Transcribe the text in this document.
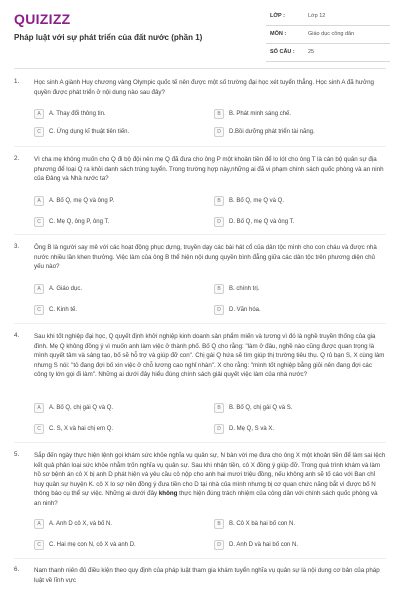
QUIZIZZ
Pháp luật với sự phát triển của đất nước (phần 1)
LỚP :	Lớp 12
MÔN :	Giáo dục công dân
SỐ CÂU : 25
1. Học sinh A giành Huy chương vàng Olympic quốc tế nên được một số trường đại học xét tuyển thẳng. Học sinh A đã hưởng quyền được phát triển ở nội dung nào sau đây?
A	A. Thay đổi thông tin.	B	B. Phát minh sáng chế.
C	C. Ứng dụng kĩ thuật tiên tiến.	D	D.Bồi dưỡng phát triển tài năng.
2. Vì cha mẹ không muốn cho Q đi bộ đội nên mẹ Q đã đưa cho ông P một khoản tiền để lo lót cho ông T là cán bộ quân sự địa phương để loại Q ra khỏi danh sách trúng tuyển. Trong trường hợp này,những ai đã vi phạm chính sách quốc phòng và an ninh của Đảng và Nhà nước ta?
A	A. Bố Q, mẹ Q và ông P.	B	B. Bố Q, mẹ Q và Q.
C	C. Mẹ Q, ông P, ông T.	D	D. Bố Q, mẹ Q và ông T.
3. Ông B là người say mê với các hoạt động phục dựng, truyền dạy các bài hát cổ của dân tộc mình cho con cháu và được nhà nước nhiều lần khen thưởng. Việc làm của ông B thể hiện nội dung quyền bình đẳng giữa các dân tộc trên phương diện chủ yếu nào?
A	A. Giáo dục.	B	B. chính trị.
C	C. Kinh tế.	D	D. Văn hóa.
4. Sau khi tốt nghiệp đại học, Q quyết định khởi nghiệp kinh doanh sản phẩm miến và tương vì đó là nghề truyền thống của gia đình. Mẹ Q không đồng ý vì muốn anh làm việc ở thành phố. Bố Q cho rằng: "làm ở đâu, nghề nào cũng được quan trọng là mình quyết tâm và sáng tạo, bố sẽ hỗ trợ và giúp đỡ con". Chị gái Q hứa sẽ tìm giúp thị trường tiêu thụ. Q rủ bạn S, X cùng làm nhưng S nói: "tỏ đang đợi bố xin việc ở chỗ lương cao nghỉ nhàn". X cho rằng: "mình tốt nghiệp bằng giỏi nên đang đợi các công ty lớn gọi đi làm". Những ai dưới đây hiểu đúng chính sách giải quyết việc làm của nhà nước?
A	A. Bố Q, chị gái Q và Q.	B	B. Bố Q, chị gái Q và S.
C	C. S, X và hai chị em Q.	D	D. Mẹ Q, S và X.
5. Sắp đến ngày thực hiện lệnh gọi khám sức khỏe nghĩa vụ quân sự, N bàn với mẹ đưa cho ông X một khoản tiền để làm sai lệch kết quả phân loại sức khỏe nhằm trốn nghĩa vụ quân sự. Sau khi nhận tiền, cô X đồng ý giúp đỡ. Trong quá trình khám và làm hồ sơ bệnh án cô X bị anh D phát hiện và yêu cầu cô nộp cho anh hai mươi triệu đồng, nếu không anh sẽ tố cáo với Ban chỉ huy quân sự huyện K. cô X lo sợ nên đồng ý đưa tiền cho D tại nhà của mình nhưng bị cơ quan chức năng bắt vì được bố N thông báo cụ thể sự việc. Những ai dưới đây không thực hiện đúng trách nhiệm của công dân với chính sách quốc phòng và an ninh?
A	A. Anh D cô X, và bố N.	B	B. Cô X bà hai bố con N.
C	C. Hai mẹ con N, cô X và anh D.	D	D. Anh D và hai bố con N.
6. Nam thanh niên đủ điều kiện theo quy định của pháp luật tham gia khám tuyển nghĩa vụ quân sự là nội dung cơ bản của pháp luật về lĩnh vực
